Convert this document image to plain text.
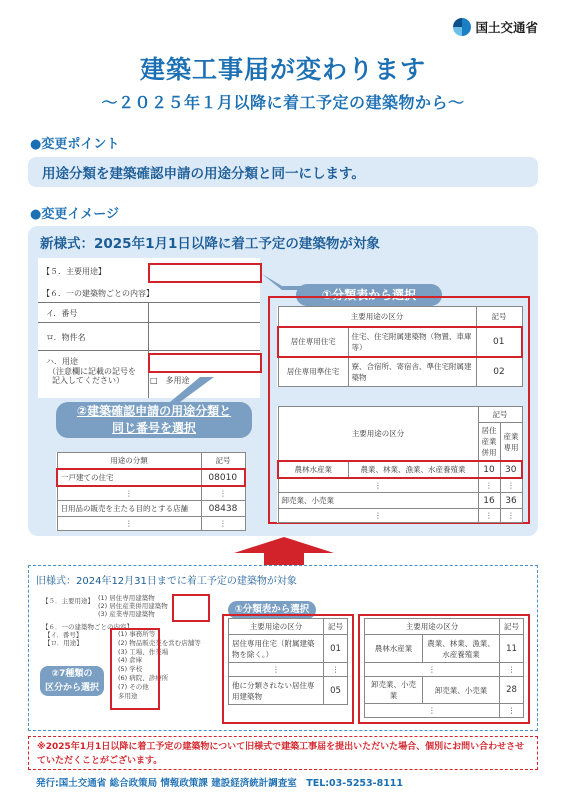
国土交通省
建築工事届が変わります
〜２０２５年１月以降に着工予定の建築物から〜
●変更ポイント
用途分類を建築確認申請の用途分類と同一にします。
●変更イメージ
新様式：2025年1月1日以降に着工予定の建築物が対象
【５．主要用途】
【６．一の建築物ごとの内容】
イ．番号
ロ．物件名
ハ．用途
（注意欄に記載の記号を
記入してください）	□　多用途
①分類表から選択
主要用途の区分		記号
居住専用住宅	住宅、住宅附属建築物（物置、車庫等）	01
居住専用準住宅	寮、合宿所、寄宿舎、準住宅附属建築物	02
主要用途の区分		記号	
		居住産業併用	産業専用
農林水産業	農業、林業、漁業、水産養殖業	10	30
⋮		⋮	⋮
卸売業、小売業		16	36
⋮		⋮	⋮
②建築確認申請の用途分類と
同じ番号を選択
用途の分類	記号
一戸建ての住宅	08010
⋮	⋮
日用品の販売を主たる目的とする店舗	08438
⋮	⋮
旧様式：2024年12月31日までに着工予定の建築物が対象
【５．主要用途】 (1) 居住専用建築物
(2) 居住産業併用建築物
(3) 産業専用建築物
【６．一の建築物ごとの内容】
【イ．番号】
【ロ．用途】
(1) 事務所等
(2) 物品販売業を営む店舗等
(3) 工場、作業場
(4) 倉庫
(5) 学校
(6) 病院、診療所
(7) その他
多用途
①分類表から選択
②7種類の
区分から選択
主要用途の区分	記号
居住専用住宅（附属建築物を除く。）	01
⋮	⋮
他に分類されない居住専用建築物	05
主要用途の区分		記号
農林水産業	農業、林業、漁業、水産養殖業	11
⋮		⋮
卸売業、小売業	卸売業、小売業	28
⋮		⋮
※2025年1月1日以降に着工予定の建築物について旧様式で建築工事届を提出いただいた場合、個別にお問い合わせさせていただくことがございます。
発行:国土交通省 総合政策局 情報政策課 建設経済統計調査室　TEL:03-5253-8111
